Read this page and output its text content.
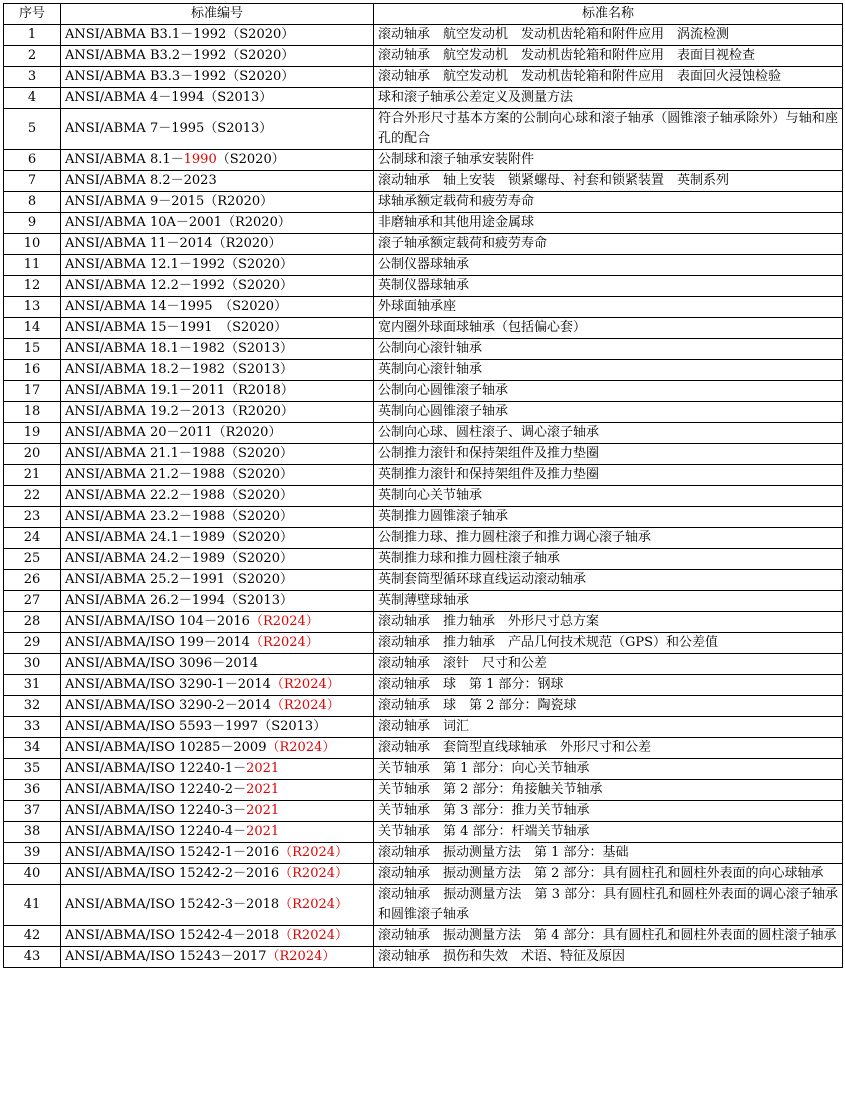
序号	标准编号	标准名称
1	ANSI/ABMA B3.1－1992（S2020）	滚动轴承　航空发动机　发动机齿轮箱和附件应用　涡流检测
2	ANSI/ABMA B3.2－1992（S2020）	滚动轴承　航空发动机　发动机齿轮箱和附件应用　表面目视检查
3	ANSI/ABMA B3.3－1992（S2020）	滚动轴承　航空发动机　发动机齿轮箱和附件应用　表面回火浸蚀检验
4	ANSI/ABMA 4－1994（S2013）	球和滚子轴承公差定义及测量方法
5	ANSI/ABMA 7－1995（S2013）	符合外形尺寸基本方案的公制向心球和滚子轴承（圆锥滚子轴承除外）与轴和座孔的配合
6	ANSI/ABMA 8.1－1990（S2020）	公制球和滚子轴承安装附件
7	ANSI/ABMA 8.2－2023	滚动轴承　轴上安装　锁紧螺母、衬套和锁紧装置　英制系列
8	ANSI/ABMA 9－2015（R2020）	球轴承额定载荷和疲劳寿命
9	ANSI/ABMA 10A－2001（R2020）	非磨轴承和其他用途金属球
10	ANSI/ABMA 11－2014（R2020）	滚子轴承额定载荷和疲劳寿命
11	ANSI/ABMA 12.1－1992（S2020）	公制仪器球轴承
12	ANSI/ABMA 12.2－1992（S2020）	英制仪器球轴承
13	ANSI/ABMA 14－1995　（S2020）	外球面轴承座
14	ANSI/ABMA 15－1991　（S2020）	宽内圈外球面球轴承（包括偏心套）
15	ANSI/ABMA 18.1－1982（S2013）	公制向心滚针轴承
16	ANSI/ABMA 18.2－1982（S2013）	英制向心滚针轴承
17	ANSI/ABMA 19.1－2011（R2018）	公制向心圆锥滚子轴承
18	ANSI/ABMA 19.2－2013（R2020）	英制向心圆锥滚子轴承
19	ANSI/ABMA 20－2011（R2020）	公制向心球、圆柱滚子、调心滚子轴承
20	ANSI/ABMA 21.1－1988（S2020）	公制推力滚针和保持架组件及推力垫圈
21	ANSI/ABMA 21.2－1988（S2020）	英制推力滚针和保持架组件及推力垫圈
22	ANSI/ABMA 22.2－1988（S2020）	英制向心关节轴承
23	ANSI/ABMA 23.2－1988（S2020）	英制推力圆锥滚子轴承
24	ANSI/ABMA 24.1－1989（S2020）	公制推力球、推力圆柱滚子和推力调心滚子轴承
25	ANSI/ABMA 24.2－1989（S2020）	英制推力球和推力圆柱滚子轴承
26	ANSI/ABMA 25.2－1991（S2020）	英制套筒型循环球直线运动滚动轴承
27	ANSI/ABMA 26.2－1994（S2013）	英制薄壁球轴承
28	ANSI/ABMA/ISO 104－2016（R2024）	滚动轴承　推力轴承　外形尺寸总方案
29	ANSI/ABMA/ISO 199－2014（R2024）	滚动轴承　推力轴承　产品几何技术规范（GPS）和公差值
30	ANSI/ABMA/ISO 3096－2014	滚动轴承　滚针　尺寸和公差
31	ANSI/ABMA/ISO 3290-1－2014（R2024）	滚动轴承　球　第 1 部分：钢球
32	ANSI/ABMA/ISO 3290-2－2014（R2024）	滚动轴承　球　第 2 部分：陶瓷球
33	ANSI/ABMA/ISO 5593－1997（S2013）	滚动轴承　词汇
34	ANSI/ABMA/ISO 10285－2009（R2024）	滚动轴承　套筒型直线球轴承　外形尺寸和公差
35	ANSI/ABMA/ISO 12240-1－2021	关节轴承　第 1 部分：向心关节轴承
36	ANSI/ABMA/ISO 12240-2－2021	关节轴承　第 2 部分：角接触关节轴承
37	ANSI/ABMA/ISO 12240-3－2021	关节轴承　第 3 部分：推力关节轴承
38	ANSI/ABMA/ISO 12240-4－2021	关节轴承　第 4 部分：杆端关节轴承
39	ANSI/ABMA/ISO 15242-1－2016（R2024）	滚动轴承　振动测量方法　第 1 部分：基础
40	ANSI/ABMA/ISO 15242-2－2016（R2024）	滚动轴承　振动测量方法　第 2 部分：具有圆柱孔和圆柱外表面的向心球轴承
41	ANSI/ABMA/ISO 15242-3－2018（R2024）	滚动轴承　振动测量方法　第 3 部分：具有圆柱孔和圆柱外表面的调心滚子轴承和圆锥滚子轴承
42	ANSI/ABMA/ISO 15242-4－2018（R2024）	滚动轴承　振动测量方法　第 4 部分：具有圆柱孔和圆柱外表面的圆柱滚子轴承
43	ANSI/ABMA/ISO 15243－2017（R2024）	滚动轴承　损伤和失效　术语、特征及原因
